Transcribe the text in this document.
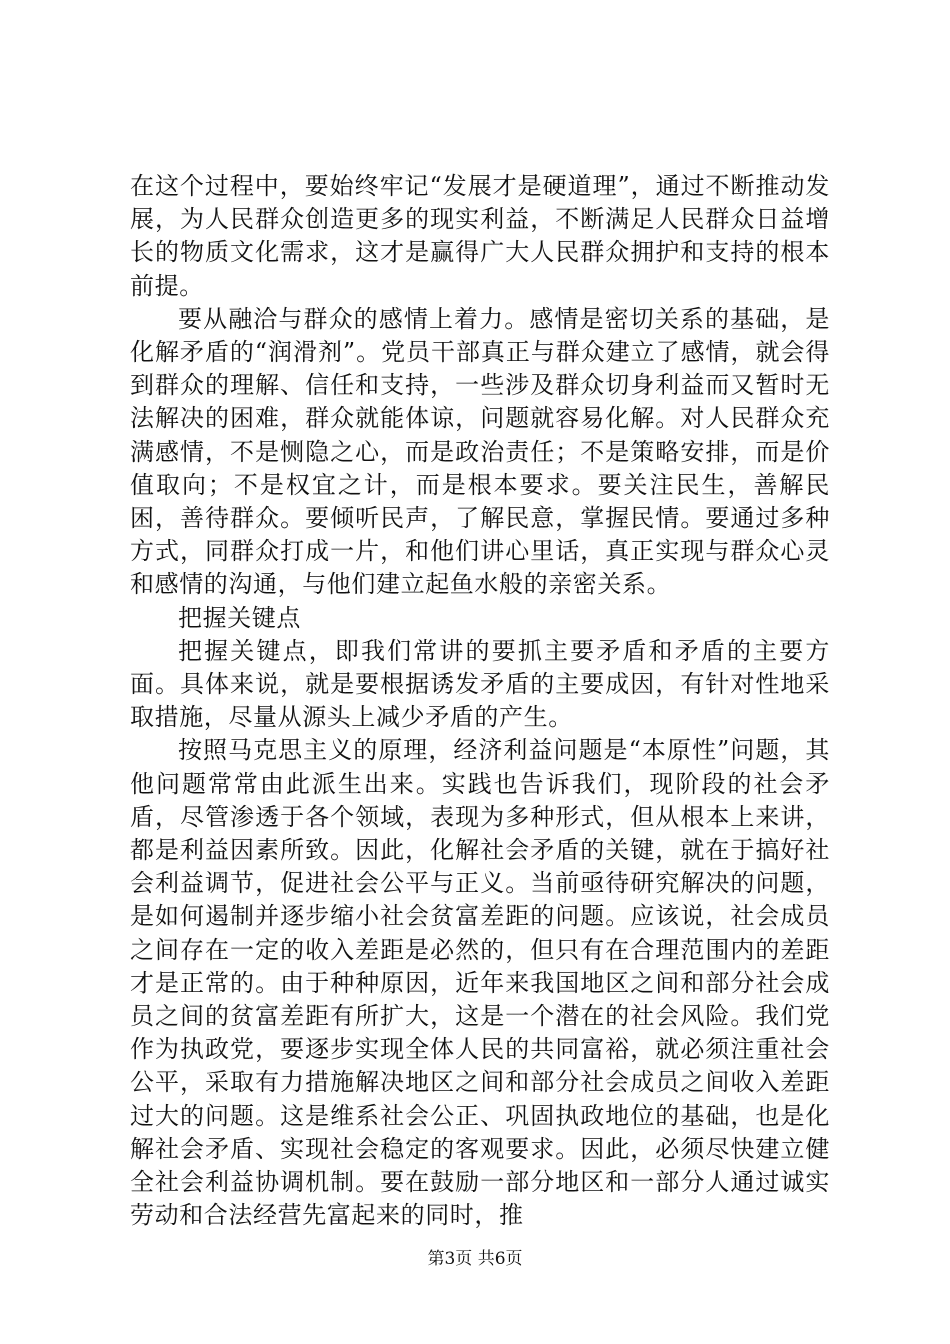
在这个过程中，要始终牢记“发展才是硬道理”，通过不断推动发展，为人民群众创造更多的现实利益，不断满足人民群众日益增长的物质文化需求，这才是赢得广大人民群众拥护和支持的根本前提。

要从融洽与群众的感情上着力。感情是密切关系的基础，是化解矛盾的“润滑剂”。党员干部真正与群众建立了感情，就会得到群众的理解、信任和支持，一些涉及群众切身利益而又暂时无法解决的困难，群众就能体谅，问题就容易化解。对人民群众充满感情，不是恻隐之心，而是政治责任；不是策略安排，而是价值取向；不是权宜之计，而是根本要求。要关注民生，善解民困，善待群众。要倾听民声，了解民意，掌握民情。要通过多种方式，同群众打成一片，和他们讲心里话，真正实现与群众心灵和感情的沟通，与他们建立起鱼水般的亲密关系。

把握关键点

把握关键点，即我们常讲的要抓主要矛盾和矛盾的主要方面。具体来说，就是要根据诱发矛盾的主要成因，有针对性地采取措施，尽量从源头上减少矛盾的产生。

按照马克思主义的原理，经济利益问题是“本原性”问题，其他问题常常由此派生出来。实践也告诉我们，现阶段的社会矛盾，尽管渗透于各个领域，表现为多种形式，但从根本上来讲，都是利益因素所致。因此，化解社会矛盾的关键，就在于搞好社会利益调节，促进社会公平与正义。当前亟待研究解决的问题，是如何遏制并逐步缩小社会贫富差距的问题。应该说，社会成员之间存在一定的收入差距是必然的，但只有在合理范围内的差距才是正常的。由于种种原因，近年来我国地区之间和部分社会成员之间的贫富差距有所扩大，这是一个潜在的社会风险。我们党作为执政党，要逐步实现全体人民的共同富裕，就必须注重社会公平，采取有力措施解决地区之间和部分社会成员之间收入差距过大的问题。这是维系社会公正、巩固执政地位的基础，也是化解社会矛盾、实现社会稳定的客观要求。因此，必须尽快建立健全社会利益协调机制。要在鼓励一部分地区和一部分人通过诚实劳动和合法经营先富起来的同时，推

第3页 共6页
